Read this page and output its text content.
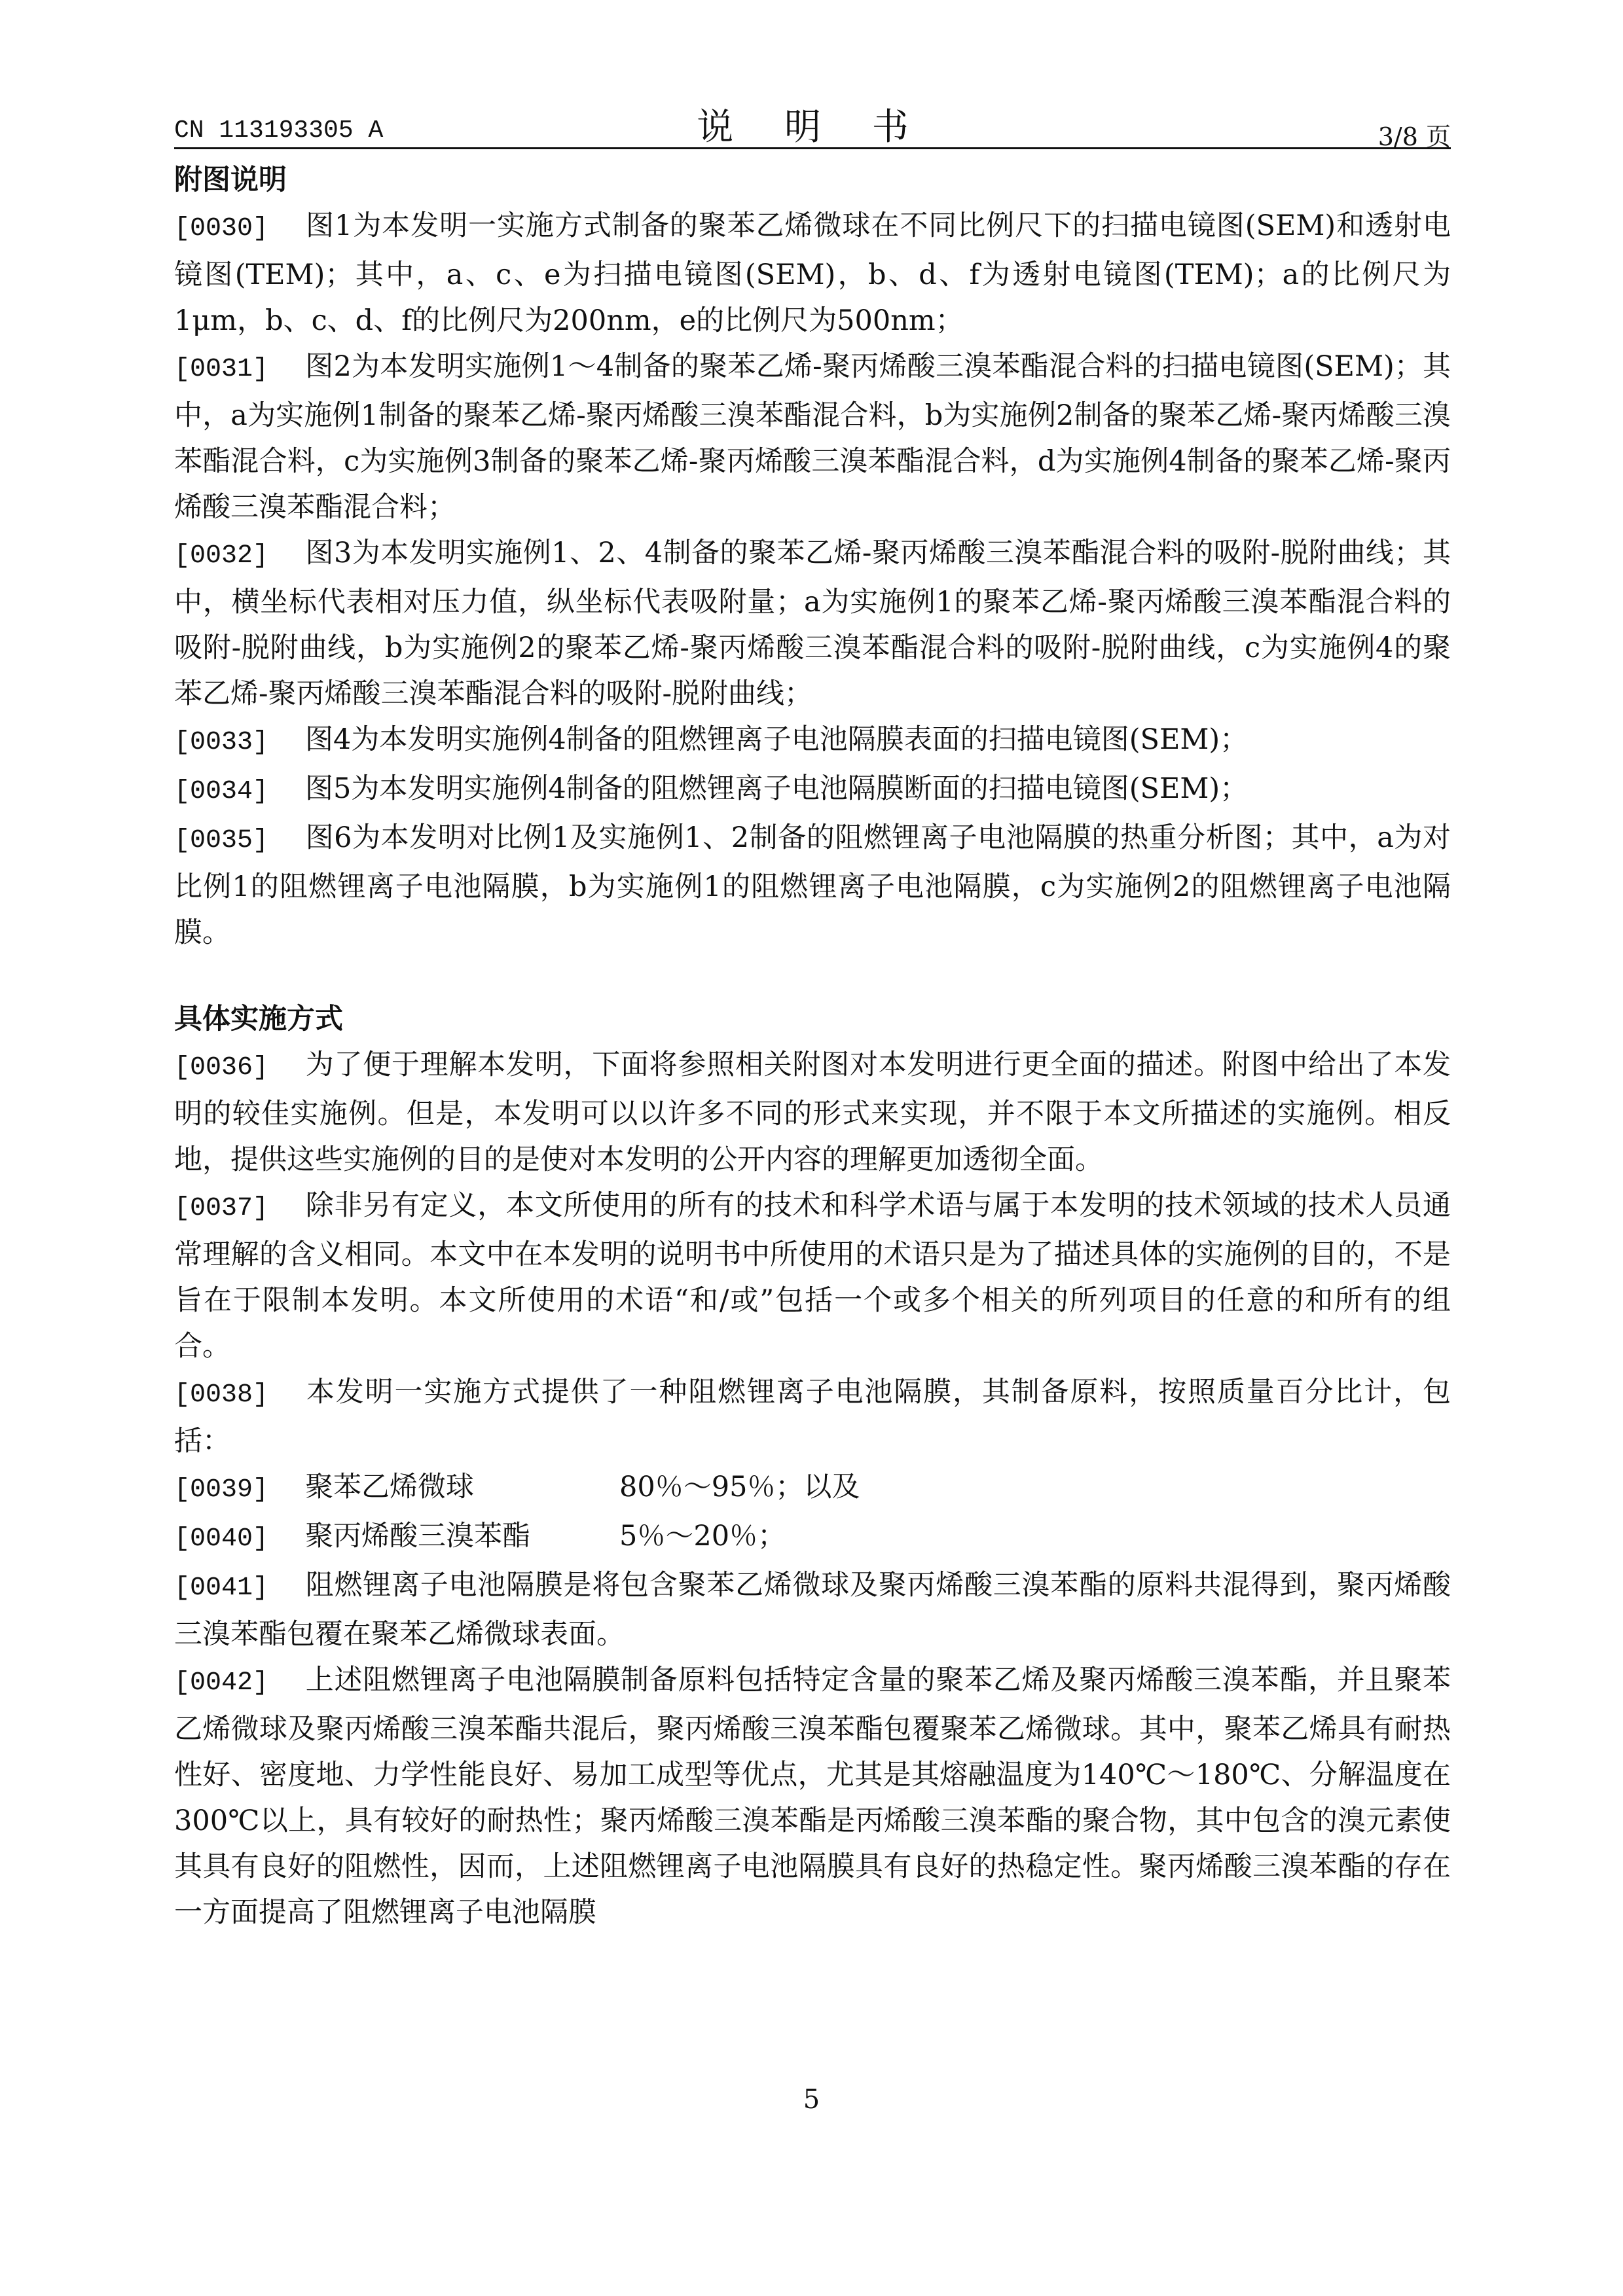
CN 113193305 A	说 明 书	3/8 页
附图说明

[0030] 图1为本发明一实施方式制备的聚苯乙烯微球在不同比例尺下的扫描电镜图(SEM)和透射电镜图(TEM)；其中，a、c、e为扫描电镜图(SEM)，b、d、f为透射电镜图(TEM)；a的比例尺为1μm，b、c、d、f的比例尺为200nm，e的比例尺为500nm；

[0031] 图2为本发明实施例1～4制备的聚苯乙烯-聚丙烯酸三溴苯酯混合料的扫描电镜图(SEM)；其中，a为实施例1制备的聚苯乙烯-聚丙烯酸三溴苯酯混合料，b为实施例2制备的聚苯乙烯-聚丙烯酸三溴苯酯混合料，c为实施例3制备的聚苯乙烯-聚丙烯酸三溴苯酯混合料，d为实施例4制备的聚苯乙烯-聚丙烯酸三溴苯酯混合料；

[0032] 图3为本发明实施例1、2、4制备的聚苯乙烯-聚丙烯酸三溴苯酯混合料的吸附-脱附曲线；其中，横坐标代表相对压力值，纵坐标代表吸附量；a为实施例1的聚苯乙烯-聚丙烯酸三溴苯酯混合料的吸附-脱附曲线，b为实施例2的聚苯乙烯-聚丙烯酸三溴苯酯混合料的吸附-脱附曲线，c为实施例4的聚苯乙烯-聚丙烯酸三溴苯酯混合料的吸附-脱附曲线；

[0033] 图4为本发明实施例4制备的阻燃锂离子电池隔膜表面的扫描电镜图(SEM)；

[0034] 图5为本发明实施例4制备的阻燃锂离子电池隔膜断面的扫描电镜图(SEM)；

[0035] 图6为本发明对比例1及实施例1、2制备的阻燃锂离子电池隔膜的热重分析图；其中，a为对比例1的阻燃锂离子电池隔膜，b为实施例1的阻燃锂离子电池隔膜，c为实施例2的阻燃锂离子电池隔膜。

具体实施方式

[0036] 为了便于理解本发明，下面将参照相关附图对本发明进行更全面的描述。附图中给出了本发明的较佳实施例。但是，本发明可以以许多不同的形式来实现，并不限于本文所描述的实施例。相反地，提供这些实施例的目的是使对本发明的公开内容的理解更加透彻全面。

[0037] 除非另有定义，本文所使用的所有的技术和科学术语与属于本发明的技术领域的技术人员通常理解的含义相同。本文中在本发明的说明书中所使用的术语只是为了描述具体的实施例的目的，不是旨在于限制本发明。本文所使用的术语“和/或”包括一个或多个相关的所列项目的任意的和所有的组合。

[0038] 本发明一实施方式提供了一种阻燃锂离子电池隔膜，其制备原料，按照质量百分比计，包括：

[0039] 聚苯乙烯微球	80％～95％；以及

[0040] 聚丙烯酸三溴苯酯	5％～20％；

[0041] 阻燃锂离子电池隔膜是将包含聚苯乙烯微球及聚丙烯酸三溴苯酯的原料共混得到，聚丙烯酸三溴苯酯包覆在聚苯乙烯微球表面。

[0042] 上述阻燃锂离子电池隔膜制备原料包括特定含量的聚苯乙烯及聚丙烯酸三溴苯酯，并且聚苯乙烯微球及聚丙烯酸三溴苯酯共混后，聚丙烯酸三溴苯酯包覆聚苯乙烯微球。其中，聚苯乙烯具有耐热性好、密度地、力学性能良好、易加工成型等优点，尤其是其熔融温度为140℃～180℃、分解温度在300℃以上，具有较好的耐热性；聚丙烯酸三溴苯酯是丙烯酸三溴苯酯的聚合物，其中包含的溴元素使其具有良好的阻燃性，因而，上述阻燃锂离子电池隔膜具有良好的热稳定性。聚丙烯酸三溴苯酯的存在一方面提高了阻燃锂离子电池隔膜

5
